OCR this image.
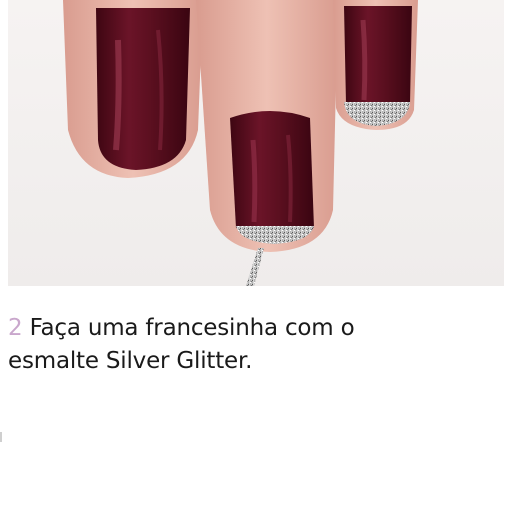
2 Faça uma francesinha com o
esmalte Silver Glitter.
